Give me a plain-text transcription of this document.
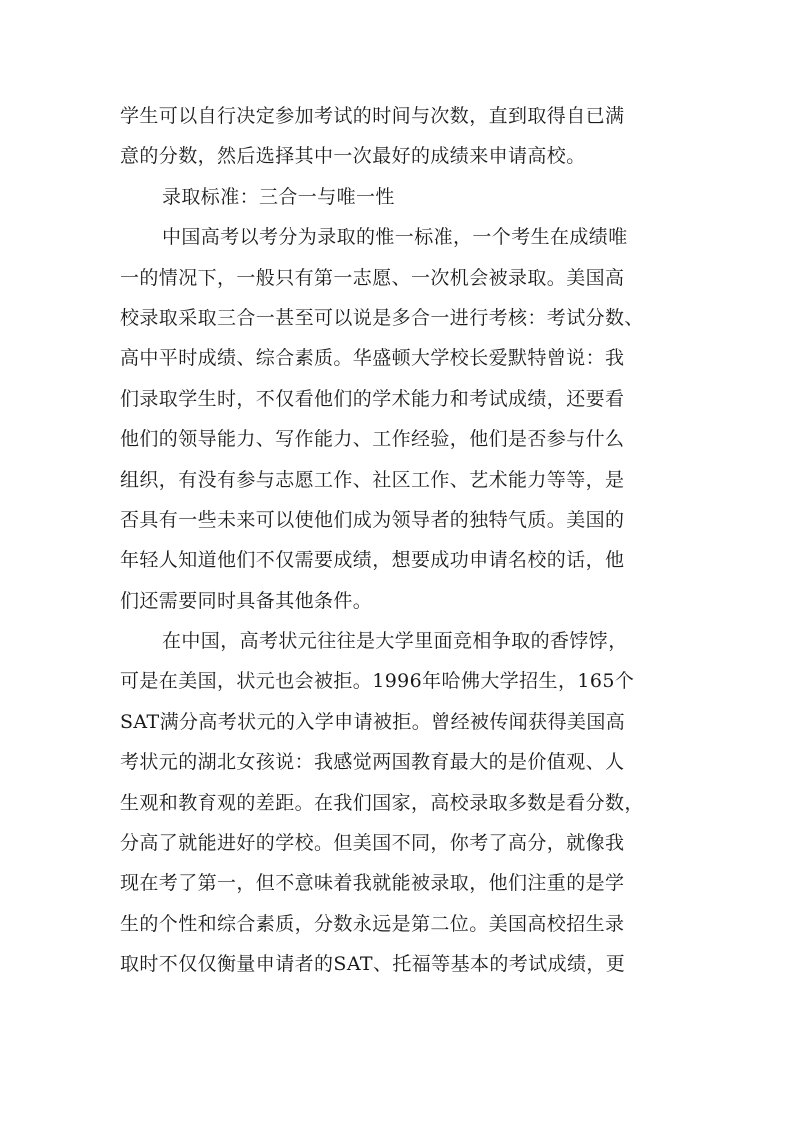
学生可以自行决定参加考试的时间与次数，直到取得自已满
意的分数，然后选择其中一次最好的成绩来申请高校。
录取标准：三合一与唯一性
中国高考以考分为录取的惟一标准，一个考生在成绩唯
一的情况下，一般只有第一志愿、一次机会被录取。美国高
校录取采取三合一甚至可以说是多合一进行考核：考试分数、
高中平时成绩、综合素质。华盛顿大学校长爱默特曾说：我
们录取学生时，不仅看他们的学术能力和考试成绩，还要看
他们的领导能力、写作能力、工作经验，他们是否参与什么
组织，有没有参与志愿工作、社区工作、艺术能力等等，是
否具有一些未来可以使他们成为领导者的独特气质。美国的
年轻人知道他们不仅需要成绩，想要成功申请名校的话，他
们还需要同时具备其他条件。
在中国，高考状元往往是大学里面竞相争取的香饽饽，
可是在美国，状元也会被拒。1996年哈佛大学招生，165个
SAT满分高考状元的入学申请被拒。曾经被传闻获得美国高
考状元的湖北女孩说：我感觉两国教育最大的是价值观、人
生观和教育观的差距。在我们国家，高校录取多数是看分数，
分高了就能进好的学校。但美国不同，你考了高分，就像我
现在考了第一，但不意味着我就能被录取，他们注重的是学
生的个性和综合素质，分数永远是第二位。美国高校招生录
取时不仅仅衡量申请者的SAT、托福等基本的考试成绩，更
